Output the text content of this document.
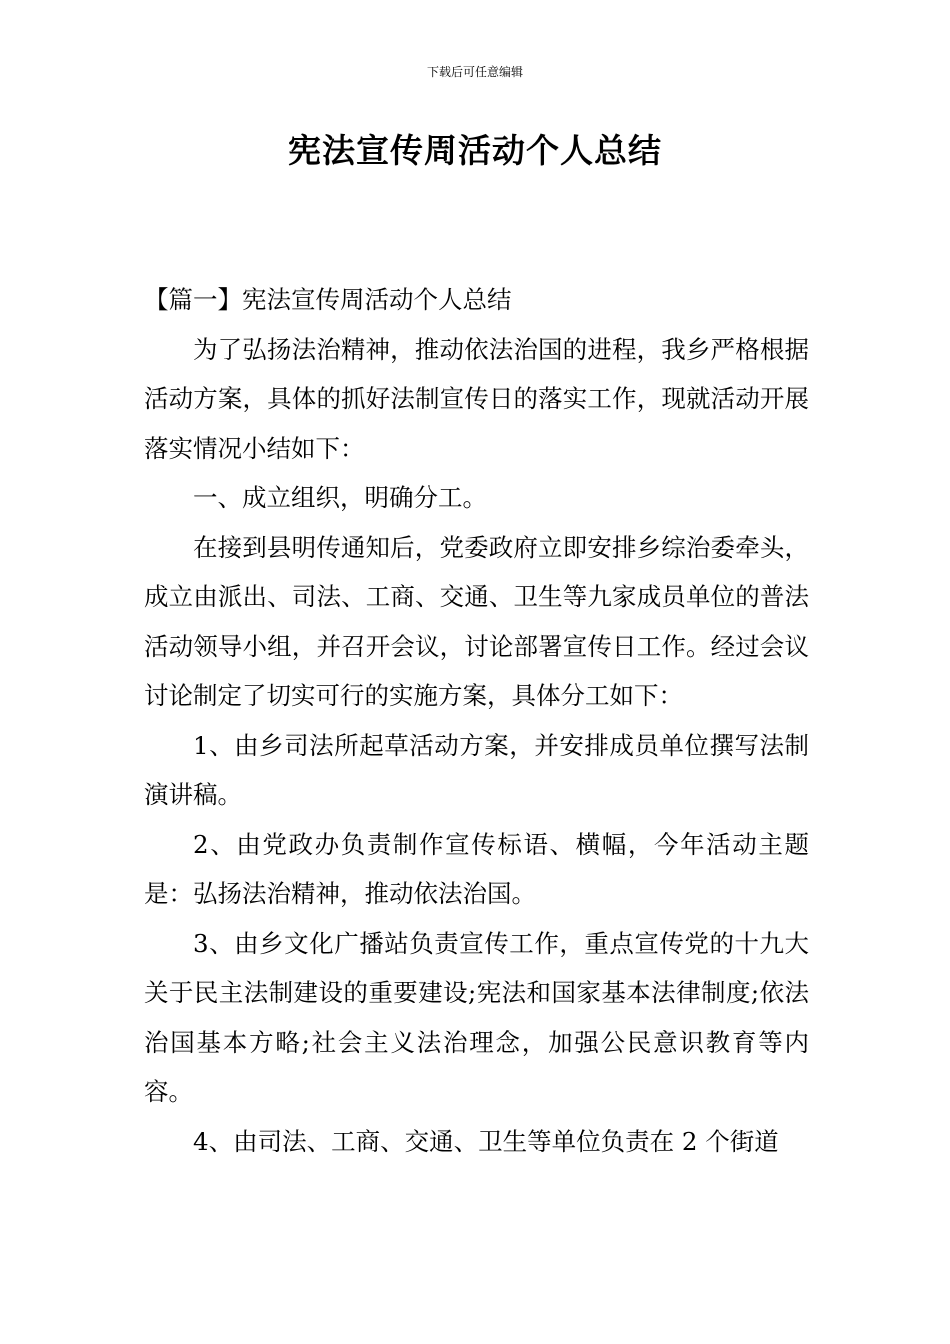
下载后可任意编辑
宪法宣传周活动个人总结

【篇一】宪法宣传周活动个人总结

为了弘扬法治精神，推动依法治国的进程，我乡严格根据活动方案，具体的抓好法制宣传日的落实工作，现就活动开展落实情况小结如下：

一、成立组织，明确分工。

在接到县明传通知后，党委政府立即安排乡综治委牵头，成立由派出、司法、工商、交通、卫生等九家成员单位的普法活动领导小组，并召开会议，讨论部署宣传日工作。经过会议讨论制定了切实可行的实施方案，具体分工如下：

1、由乡司法所起草活动方案，并安排成员单位撰写法制演讲稿。

2、由党政办负责制作宣传标语、横幅，今年活动主题是：弘扬法治精神，推动依法治国。

3、由乡文化广播站负责宣传工作，重点宣传党的十九大关于民主法制建设的重要建设;宪法和国家基本法律制度;依法治国基本方略;社会主义法治理念，加强公民意识教育等内容。

4、由司法、工商、交通、卫生等单位负责在 2 个街道
